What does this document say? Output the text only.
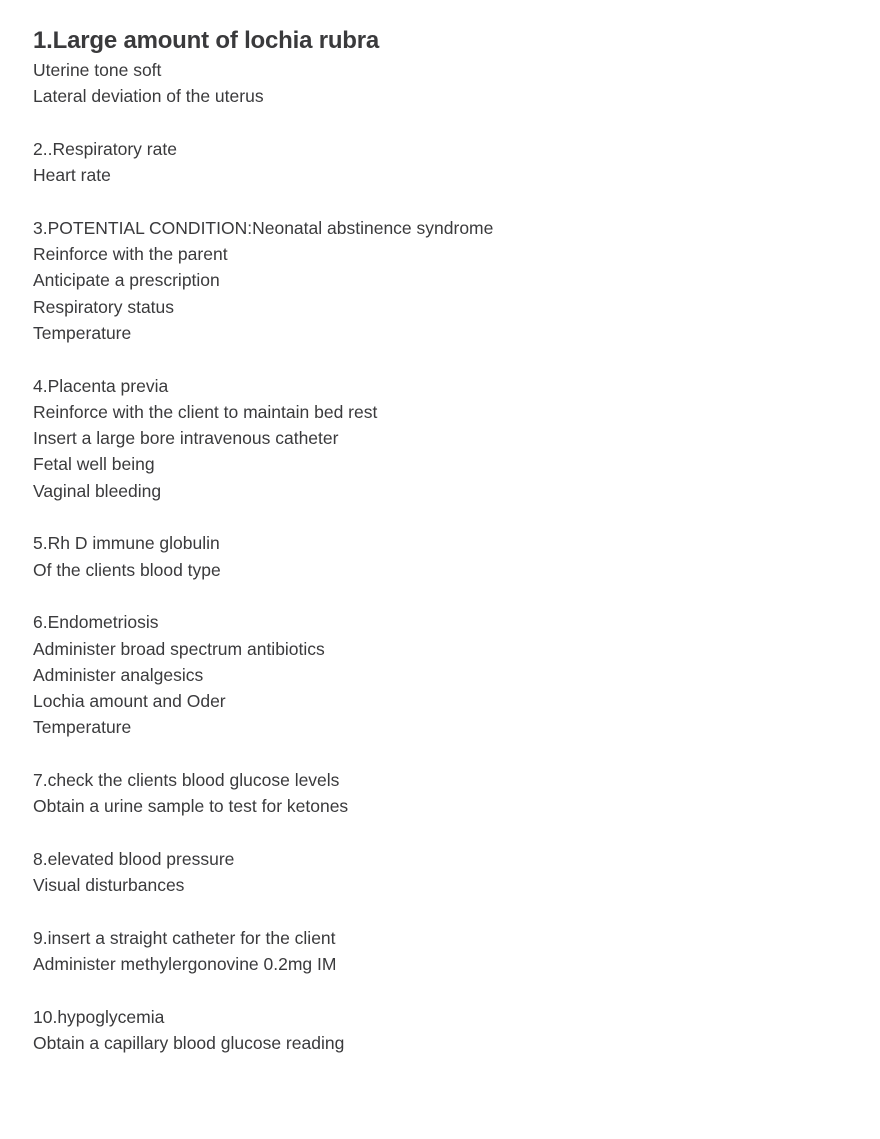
1.Large amount of lochia rubra

Uterine tone soft

Lateral deviation of the uterus

2..Respiratory rate

Heart rate

3.POTENTIAL CONDITION:Neonatal abstinence syndrome

Reinforce with the parent

Anticipate a prescription

Respiratory status

Temperature

4.Placenta previa

Reinforce with the client to maintain bed rest

Insert a large bore intravenous catheter

Fetal well being

Vaginal bleeding

5.Rh D immune globulin

Of the clients blood type

6.Endometriosis

Administer broad spectrum antibiotics

Administer analgesics

Lochia amount and Oder

Temperature

7.check the clients blood glucose levels

Obtain a urine sample to test for ketones

8.elevated blood pressure

Visual disturbances

9.insert a straight catheter for the client

Administer methylergonovine 0.2mg IM

10.hypoglycemia

Obtain a capillary blood glucose reading
